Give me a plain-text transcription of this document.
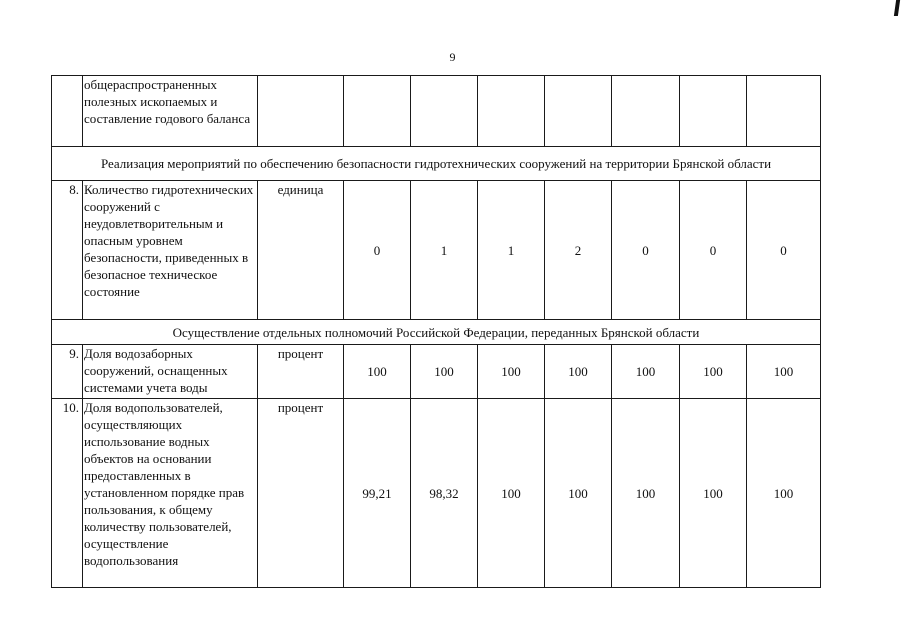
9
	общераспространенных полезных ископаемых и составление годового баланса								
Реализация мероприятий по обеспечению безопасности гидротехнических сооружений на территории Брянской области									
8.	Количество гидротехнических сооружений с неудовлетворительным и опасным уровнем безопасности, приведенных в безопасное техническое состояние	единица	0	1	1	2	0	0	0
Осуществление отдельных полномочий Российской Федерации, переданных Брянской области									
9.	Доля водозаборных сооружений, оснащенных системами учета воды	процент	100	100	100	100	100	100	100
10.	Доля водопользователей, осуществляющих использование водных объектов на основании предоставленных в установленном порядке прав пользования, к общему количеству пользователей, осуществление водопользования	процент	99,21	98,32	100	100	100	100	100
